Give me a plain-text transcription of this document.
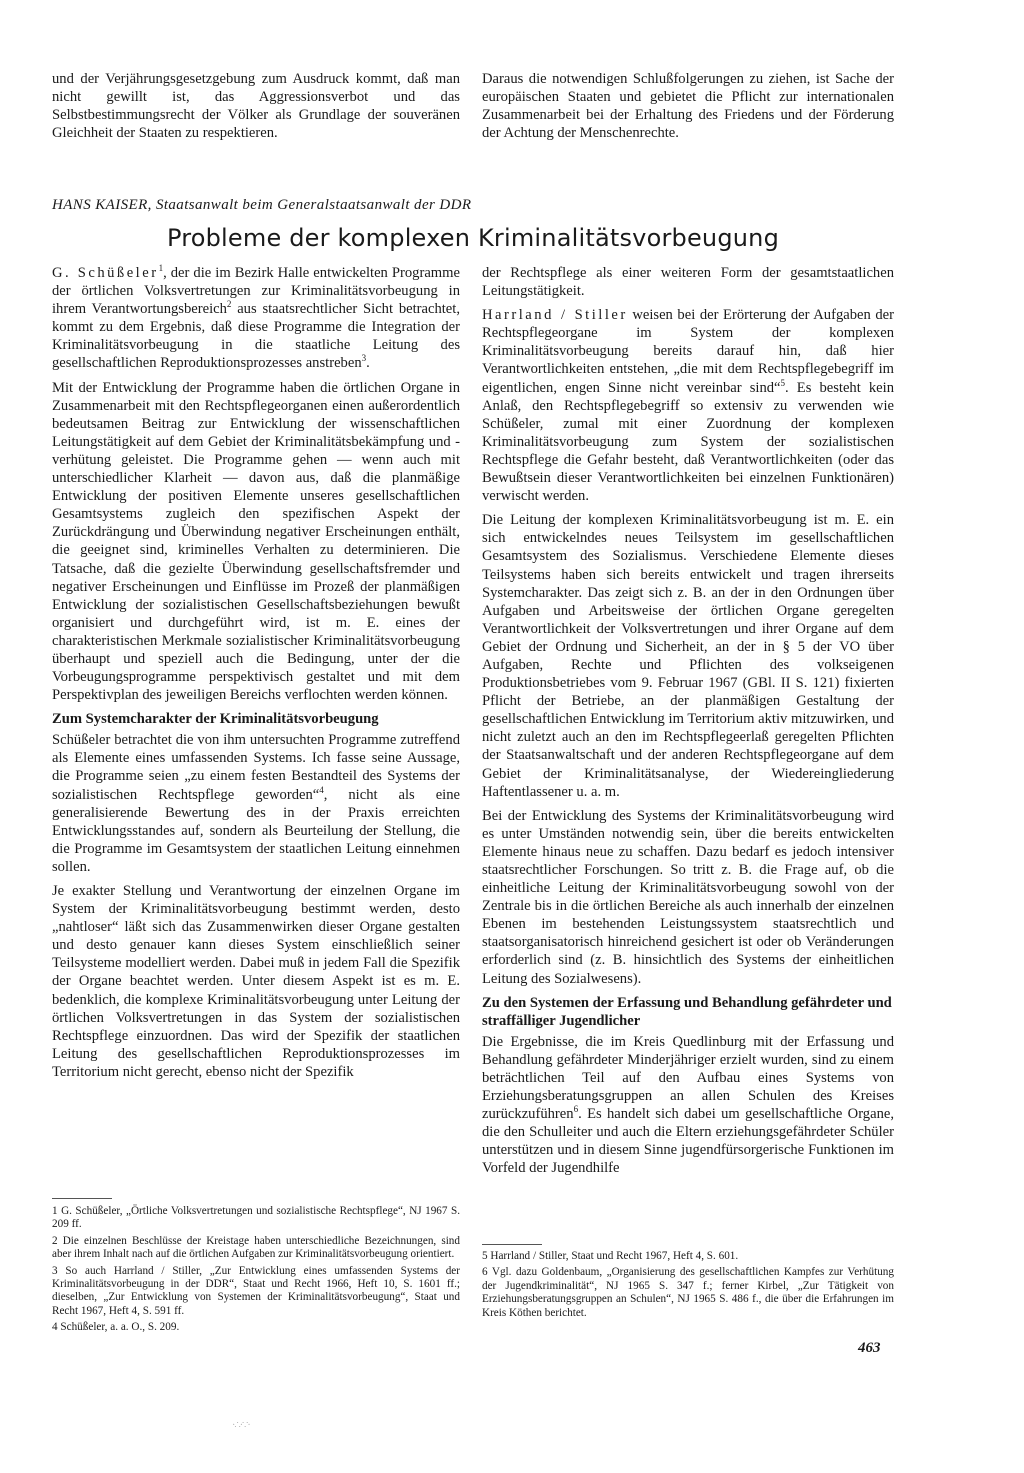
und der Verjährungsgesetzgebung zum Ausdruck kommt, daß man nicht gewillt ist, das Aggressionsverbot und das Selbstbestimmungsrecht der Völker als Grundlage der souveränen Gleichheit der Staaten zu respektieren.

Daraus die notwendigen Schlußfolgerungen zu ziehen, ist Sache der europäischen Staaten und gebietet die Pflicht zur internationalen Zusammenarbeit bei der Erhaltung des Friedens und der Förderung der Achtung der Menschenrechte.

HANS KAISER, Staatsanwalt beim Generalstaatsanwalt der DDR
Probleme der komplexen Kriminalitätsvorbeugung

G. Schüßeler$^1$, der die im Bezirk Halle entwickelten Programme der örtlichen Volksvertretungen zur Kriminalitätsvorbeugung in ihrem Verantwortungsbereich$^2$ aus staatsrechtlicher Sicht betrachtet, kommt zu dem Ergebnis, daß diese Programme die Integration der Kriminalitätsvorbeugung in die staatliche Leitung des gesellschaftlichen Reproduktionsprozesses anstreben$^3$.

Mit der Entwicklung der Programme haben die örtlichen Organe in Zusammenarbeit mit den Rechtspflegeorganen einen außerordentlich bedeutsamen Beitrag zur Entwicklung der wissenschaftlichen Leitungstätigkeit auf dem Gebiet der Kriminalitätsbekämpfung und -verhütung geleistet. Die Programme gehen — wenn auch mit unterschiedlicher Klarheit — davon aus, daß die planmäßige Entwicklung der positiven Elemente unseres gesellschaftlichen Gesamtsystems zugleich den spezifischen Aspekt der Zurückdrängung und Überwindung negativer Erscheinungen enthält, die geeignet sind, kriminelles Verhalten zu determinieren. Die Tatsache, daß die gezielte Überwindung gesellschaftsfremder und negativer Erscheinungen und Einflüsse im Prozeß der planmäßigen Entwicklung der sozialistischen Gesellschaftsbeziehungen bewußt organisiert und durchgeführt wird, ist m. E. eines der charakteristischen Merkmale sozialistischer Kriminalitätsvorbeugung überhaupt und speziell auch die Bedingung, unter der die Vorbeugungsprogramme perspektivisch gestaltet und mit dem Perspektivplan des jeweiligen Bereichs verflochten werden können.

Zum Systemcharakter der Kriminalitätsvorbeugung

Schüßeler betrachtet die von ihm untersuchten Programme zutreffend als Elemente eines umfassenden Systems. Ich fasse seine Aussage, die Programme seien „zu einem festen Bestandteil des Systems der sozialistischen Rechtspflege geworden“$^4$, nicht als eine generalisierende Bewertung des in der Praxis erreichten Entwicklungsstandes auf, sondern als Beurteilung der Stellung, die die Programme im Gesamtsystem der staatlichen Leitung einnehmen sollen.

Je exakter Stellung und Verantwortung der einzelnen Organe im System der Kriminalitätsvorbeugung bestimmt werden, desto „nahtloser“ läßt sich das Zusammenwirken dieser Organe gestalten und desto genauer kann dieses System einschließlich seiner Teilsysteme modelliert werden. Dabei muß in jedem Fall die Spezifik der Organe beachtet werden. Unter diesem Aspekt ist es m. E. bedenklich, die komplexe Kriminalitätsvorbeugung unter Leitung der örtlichen Volksvertretungen in das System der sozialistischen Rechtspflege einzuordnen. Das wird der Spezifik der staatlichen Leitung des gesellschaftlichen Reproduktionsprozesses im Territorium nicht gerecht, ebenso nicht der Spezifik

der Rechtspflege als einer weiteren Form der gesamtstaatlichen Leitungstätigkeit.

Harrland / Stiller weisen bei der Erörterung der Aufgaben der Rechtspflegeorgane im System der komplexen Kriminalitätsvorbeugung bereits darauf hin, daß hier Verantwortlichkeiten entstehen, „die mit dem Rechtspflegebegriff im eigentlichen, engen Sinne nicht vereinbar sind“$^5$. Es besteht kein Anlaß, den Rechtspflegebegriff so extensiv zu verwenden wie Schüßeler, zumal mit einer Zuordnung der komplexen Kriminalitätsvorbeugung zum System der sozialistischen Rechtspflege die Gefahr besteht, daß Verantwortlichkeiten (oder das Bewußtsein dieser Verantwortlichkeiten bei einzelnen Funktionären) verwischt werden.

Die Leitung der komplexen Kriminalitätsvorbeugung ist m. E. ein sich entwickelndes neues Teilsystem im gesellschaftlichen Gesamtsystem des Sozialismus. Verschiedene Elemente dieses Teilsystems haben sich bereits entwickelt und tragen ihrerseits Systemcharakter. Das zeigt sich z. B. an der in den Ordnungen über Aufgaben und Arbeitsweise der örtlichen Organe geregelten Verantwortlichkeit der Volksvertretungen und ihrer Organe auf dem Gebiet der Ordnung und Sicherheit, an der in § 5 der VO über Aufgaben, Rechte und Pflichten des volkseigenen Produktionsbetriebes vom 9. Februar 1967 (GBl. II S. 121) fixierten Pflicht der Betriebe, an der planmäßigen Gestaltung der gesellschaftlichen Entwicklung im Territorium aktiv mitzuwirken, und nicht zuletzt auch an den im Rechtspflegeerlaß geregelten Pflichten der Staatsanwaltschaft und der anderen Rechtspflegeorgane auf dem Gebiet der Kriminalitätsanalyse, der Wiedereingliederung Haftentlassener u. a. m.

Bei der Entwicklung des Systems der Kriminalitätsvorbeugung wird es unter Umständen notwendig sein, über die bereits entwickelten Elemente hinaus neue zu schaffen. Dazu bedarf es jedoch intensiver staatsrechtlicher Forschungen. So tritt z. B. die Frage auf, ob die einheitliche Leitung der Kriminalitätsvorbeugung sowohl von der Zentrale bis in die örtlichen Bereiche als auch innerhalb der einzelnen Ebenen im bestehenden Leistungssystem staatsrechtlich und staatsorganisatorisch hinreichend gesichert ist oder ob Veränderungen erforderlich sind (z. B. hinsichtlich des Systems der einheitlichen Leitung des Sozialwesens).

Zu den Systemen der Erfassung und Behandlung gefährdeter und straffälliger Jugendlicher

Die Ergebnisse, die im Kreis Quedlinburg mit der Erfassung und Behandlung gefährdeter Minderjähriger erzielt wurden, sind zu einem beträchtlichen Teil auf den Aufbau eines Systems von Erziehungsberatungsgruppen an allen Schulen des Kreises zurückzuführen$^6$. Es handelt sich dabei um gesellschaftliche Organe, die den Schulleiter und auch die Eltern erziehungsgefährdeter Schüler unterstützen und in diesem Sinne jugendfürsorgerische Funktionen im Vorfeld der Jugendhilfe

1 G. Schüßeler, „Örtliche Volksvertretungen und sozialistische Rechtspflege“, NJ 1967 S. 209 ff.

2 Die einzelnen Beschlüsse der Kreistage haben unterschiedliche Bezeichnungen, sind aber ihrem Inhalt nach auf die örtlichen Aufgaben zur Kriminalitätsvorbeugung orientiert.

3 So auch Harrland / Stiller, „Zur Entwicklung eines umfassenden Systems der Kriminalitätsvorbeugung in der DDR“, Staat und Recht 1966, Heft 10, S. 1601 ff.; dieselben, „Zur Entwicklung von Systemen der Kriminalitätsvorbeugung“, Staat und Recht 1967, Heft 4, S. 591 ff.

4 Schüßeler, a. a. O., S. 209.

5 Harrland / Stiller, Staat und Recht 1967, Heft 4, S. 601.

6 Vgl. dazu Goldenbaum, „Organisierung des gesellschaftlichen Kampfes zur Verhütung der Jugendkriminalität“, NJ 1965 S. 347 f.; ferner Kirbel, „Zur Tätigkeit von Erziehungsberatungsgruppen an Schulen“, NJ 1965 S. 486 f., die über die Erfahrungen im Kreis Köthen berichtet.

463
·∴·∵·
